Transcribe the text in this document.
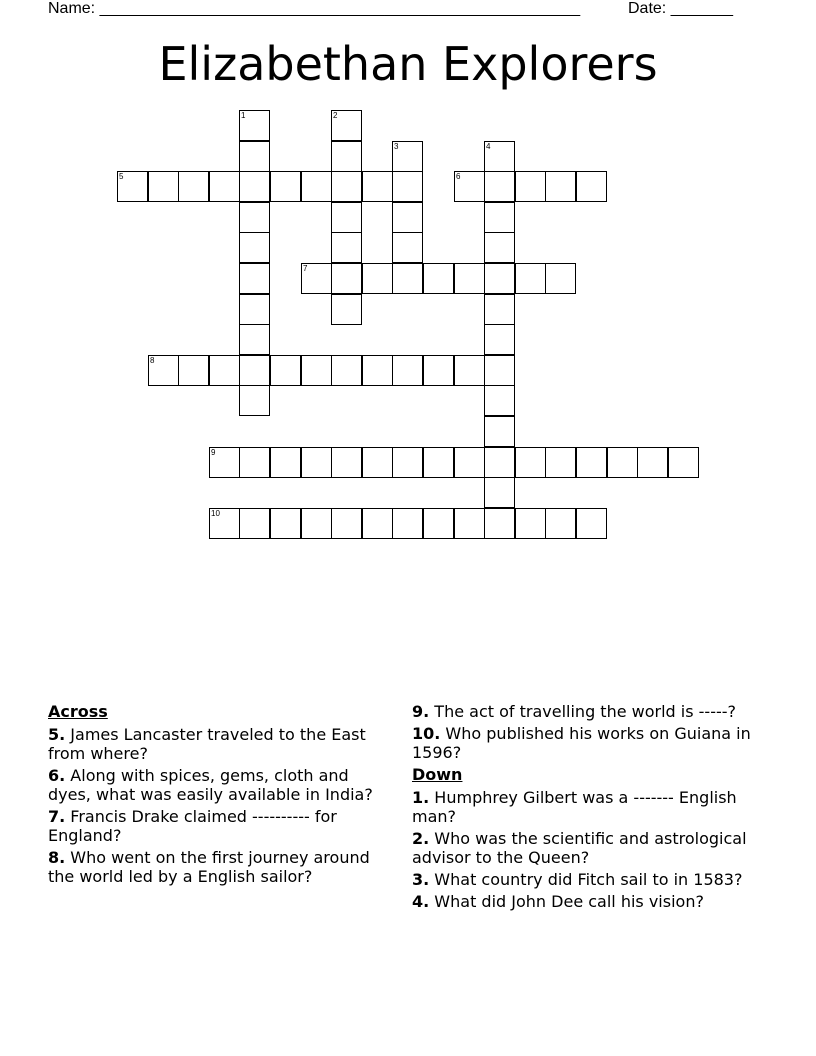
Name: ______________________________________________________	Date: _______
Elizabethan Explorers
1	2
3	4
5	6
7
8
9
10
Across
5. James Lancaster traveled to the East from where?
6. Along with spices, gems, cloth and dyes, what was easily available in India?
7. Francis Drake claimed ---------- for England?
8. Who went on the first journey around the world led by a English sailor?
9. The act of travelling the world is -----?
10. Who published his works on Guiana in 1596?
Down
1. Humphrey Gilbert was a ------- English man?
2. Who was the scientific and astrological advisor to the Queen?
3. What country did Fitch sail to in 1583?
4. What did John Dee call his vision?
